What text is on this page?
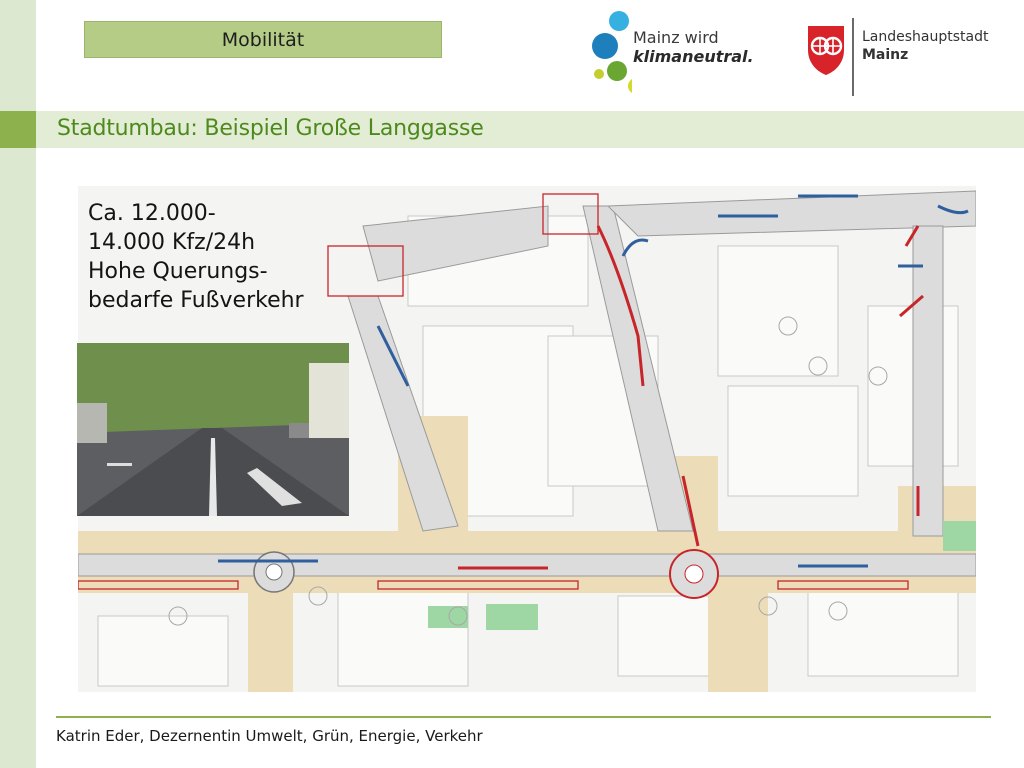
Mobilität	Mainz wird
klimaneutral.
Landeshauptstadt
Mainz
Stadtumbau: Beispiel Große Langgasse
Ca. 12.000-
14.000 Kfz/24h
Hohe Querungs-
bedarfe Fußverkehr
Katrin Eder, Dezernentin Umwelt, Grün, Energie, Verkehr
